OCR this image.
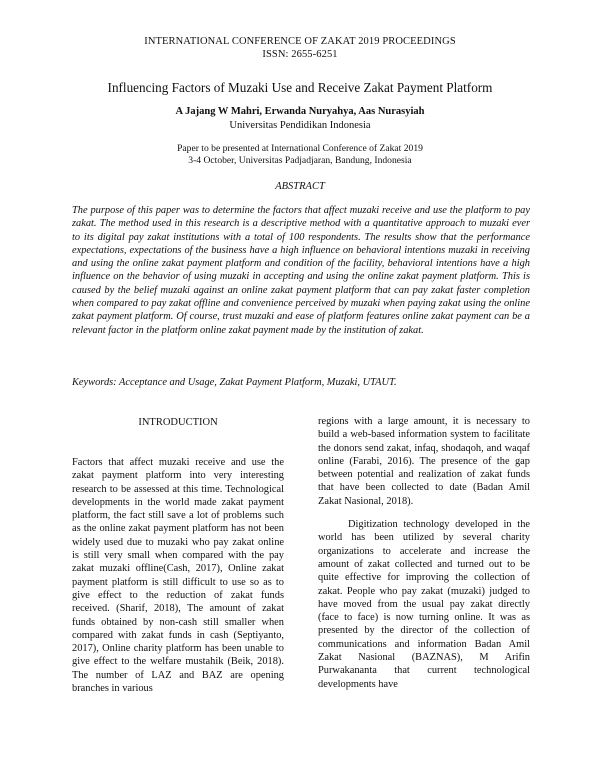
INTERNATIONAL CONFERENCE OF ZAKAT 2019 PROCEEDINGS
ISSN: 2655-6251
Influencing Factors of Muzaki Use and Receive Zakat Payment Platform
A Jajang W Mahri, Erwanda Nuryahya, Aas Nurasyiah
Universitas Pendidikan Indonesia
Paper to be presented at International Conference of Zakat 2019
3-4 October, Universitas Padjadjaran, Bandung, Indonesia
ABSTRACT

The purpose of this paper was to determine the factors that affect muzaki receive and use the platform to pay zakat. The method used in this research is a descriptive method with a quantitative approach to muzaki ever to its digital pay zakat institutions with a total of 100 respondents. The results show that the performance expectations, expectations of the business have a high influence on behavioral intentions muzaki in receiving and using the online zakat payment platform and condition of the facility, behavioral intentions have a high influence on the behavior of using muzaki in accepting and using the online zakat payment platform. This is caused by the belief muzaki against an online zakat payment platform that can pay zakat faster completion when compared to pay zakat offline and convenience perceived by muzaki when paying zakat using the online zakat payment platform. Of course, trust muzaki and ease of platform features online zakat payment can be a relevant factor in the platform online zakat payment made by the institution of zakat.

Keywords: Acceptance and Usage, Zakat Payment Platform, Muzaki, UTAUT.

INTRODUCTION

Factors that affect muzaki receive and use the zakat payment platform into very interesting research to be assessed at this time. Technological developments in the world made zakat payment platform, the fact still save a lot of problems such as the online zakat payment platform has not been widely used due to muzaki who pay zakat online is still very small when compared with the pay zakat muzaki offline(Cash, 2017), Online zakat payment platform is still difficult to use so as to give effect to the reduction of zakat funds received. (Sharif, 2018), The amount of zakat funds obtained by non-cash still smaller when compared with zakat funds in cash (Septiyanto, 2017), Online charity platform has been unable to give effect to the welfare mustahik (Beik, 2018). The number of LAZ and BAZ are opening branches in various

regions with a large amount, it is necessary to build a web-based information system to facilitate the donors send zakat, infaq, shodaqoh, and waqaf online (Farabi, 2016). The presence of the gap between potential and realization of zakat funds that have been collected to date (Badan Amil Zakat Nasional, 2018).

Digitization technology developed in the world has been utilized by several charity organizations to accelerate and increase the amount of zakat collected and turned out to be quite effective for improving the collection of zakat. People who pay zakat (muzaki) judged to have moved from the usual pay zakat directly (face to face) is now turning online. It was as presented by the director of the collection of communications and information Badan Amil Zakat Nasional (BAZNAS), M Arifin Purwakananta that current technological developments have
